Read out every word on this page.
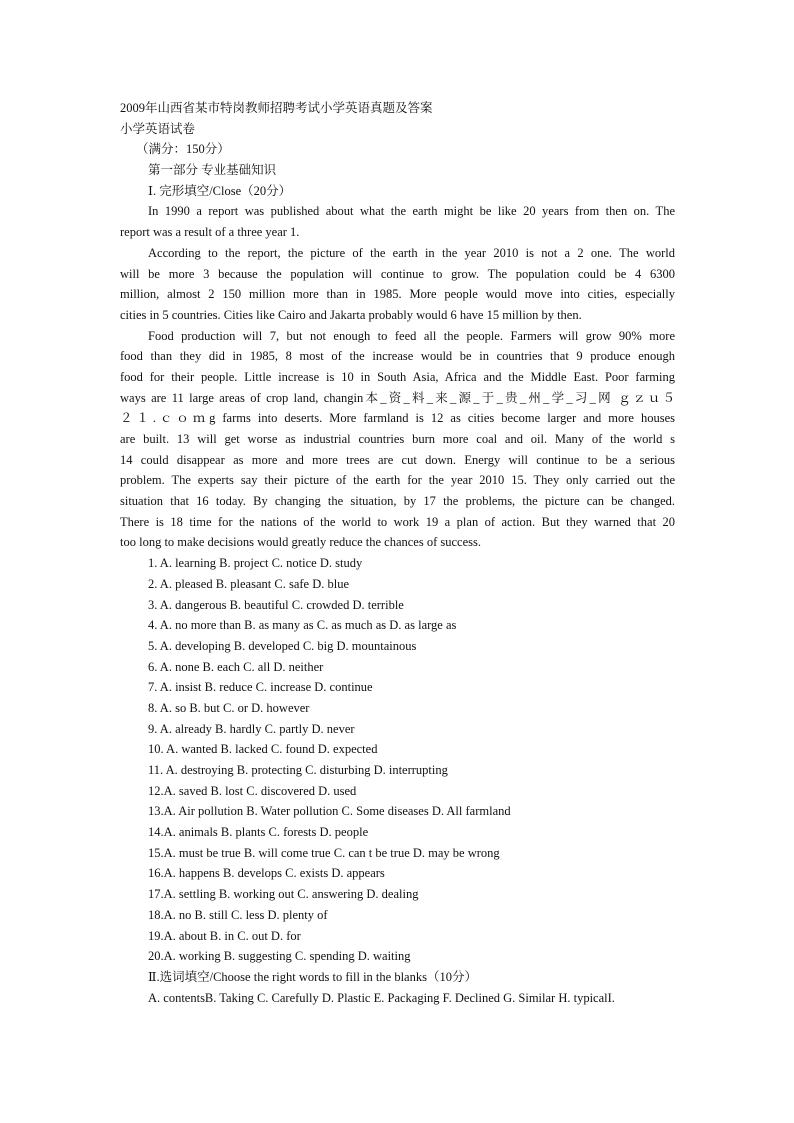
2009年山西省某市特岗教师招聘考试小学英语真题及答案
小学英语试卷
（满分：150分）
第一部分 专业基础知识
Ⅰ. 完形填空/Close（20分）
In 1990 a report was published about what the earth might be like 20 years from then on. The
report was a result of a three year 1.
According to the report, the picture of the earth in the year 2010 is not a 2 one. The world
will be more 3 because the population will continue to grow. The population could be 4 6300
million, almost 2 150 million more than in 1985. More people would move into cities, especially
cities in 5 countries. Cities like Cairo and Jakarta probably would 6 have 15 million by then.
Food production will 7, but not enough to feed all the people. Farmers will grow 90% more
food than they did in 1985, 8 most of the increase would be in countries that 9 produce enough
food for their people. Little increase is 10 in South Asia, Africa and the Middle East. Poor farming
ways are 11 large areas of crop land, changin本_资_料_来_源_于_贵_州_学_习_网 ｇｚｕ５
２１.ｃｏｍg farms into deserts. More farmland is 12 as cities become larger and more houses
are built. 13 will get worse as industrial countries burn more coal and oil. Many of the world s
14 could disappear as more and more trees are cut down. Energy will continue to be a serious
problem. The experts say their picture of the earth for the year 2010 15. They only carried out the
situation that 16 today. By changing the situation, by 17 the problems, the picture can be changed.
There is 18 time for the nations of the world to work 19 a plan of action. But they warned that 20
too long to make decisions would greatly reduce the chances of success.
1. A. learning B. project C. notice D. study
2. A. pleased B. pleasant C. safe D. blue
3. A. dangerous B. beautiful C. crowded D. terrible
4. A. no more than B. as many as C. as much as D. as large as
5. A. developing B. developed C. big D. mountainous
6. A. none B. each C. all D. neither
7. A. insist B. reduce C. increase D. continue
8. A. so B. but C. or D. however
9. A. already B. hardly C. partly D. never
10. A. wanted B. lacked C. found D. expected
11. A. destroying B. protecting C. disturbing D. interrupting
12.A. saved B. lost C. discovered D. used
13.A. Air pollution B. Water pollution C. Some diseases D. All farmland
14.A. animals B. plants C. forests D. people
15.A. must be true B. will come true C. can t be true D. may be wrong
16.A. happens B. develops C. exists D. appears
17.A. settling B. working out C. answering D. dealing
18.A. no B. still C. less D. plenty of
19.A. about B. in C. out D. for
20.A. working B. suggesting C. spending D. waiting
Ⅱ.选词填空/Choose the right words to fill in the blanks（10分）
A. contentsB. Taking C. Carefully D. Plastic E. Packaging F. Declined G. Similar H. typicalI.
